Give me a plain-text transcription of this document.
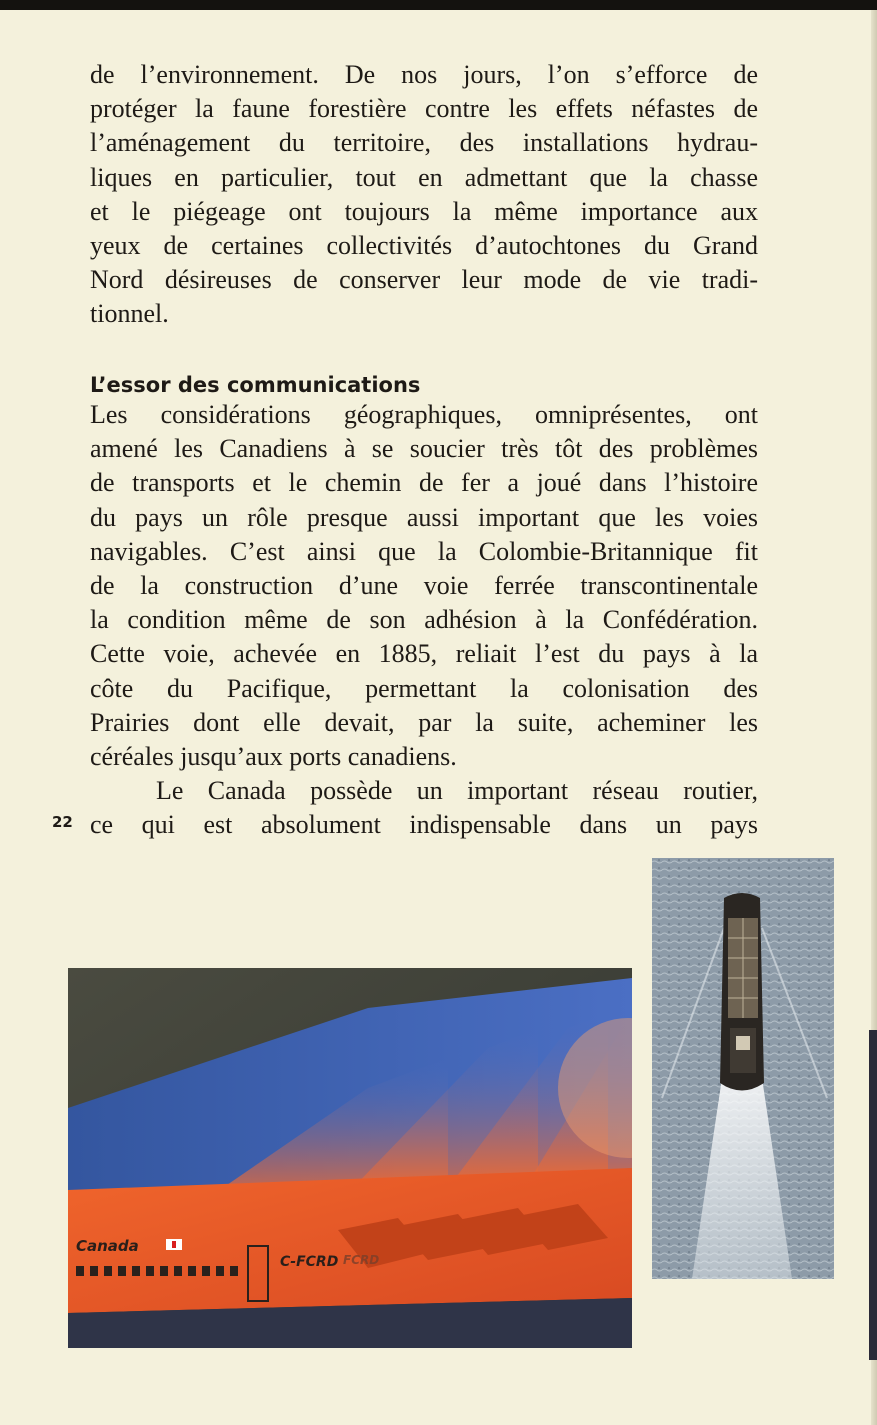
de l’environnement. De nos jours, l’on s’efforce de
protéger la faune forestière contre les effets néfastes de
l’aménagement du territoire, des installations hydrau-
liques en particulier, tout en admettant que la chasse
et le piégeage ont toujours la même importance aux
yeux de certaines collectivités d’autochtones du Grand
Nord désireuses de conserver leur mode de vie tradi-
tionnel.
L’essor des communications
Les considérations géographiques, omniprésentes, ont
amené les Canadiens à se soucier très tôt des problèmes
de transports et le chemin de fer a joué dans l’histoire
du pays un rôle presque aussi important que les voies
navigables. C’est ainsi que la Colombie-Britannique fit
de la construction d’une voie ferrée transcontinentale
la condition même de son adhésion à la Confédération.
Cette voie, achevée en 1885, reliait l’est du pays à la
côte du Pacifique, permettant la colonisation des
Prairies dont elle devait, par la suite, acheminer les
céréales jusqu’aux ports canadiens.
Le Canada possède un important réseau routier,
ce qui est absolument indispensable dans un pays
22
Canada
C-FCRD FCRD
